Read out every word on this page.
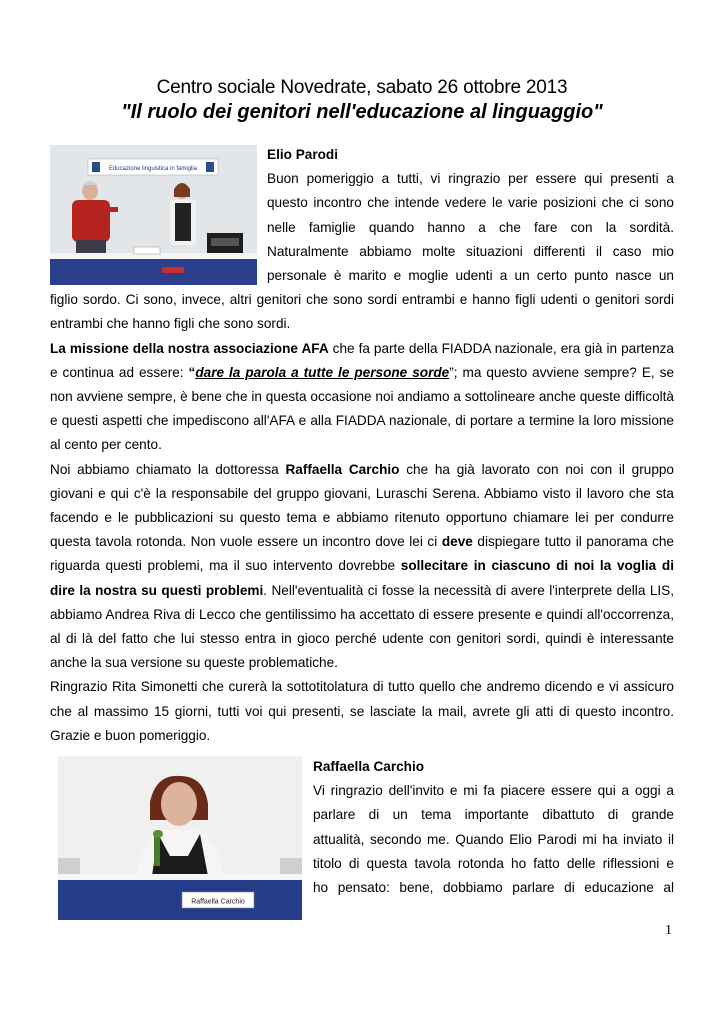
Centro sociale Novedrate, sabato 26 ottobre 2013
"Il ruolo dei genitori nell'educazione al linguaggio"
Educazione linguistica in famiglia
Elio Parodi
Buon pomeriggio a tutti, vi ringrazio per essere qui presenti a
questo incontro che intende vedere le varie posizioni che ci sono
nelle famiglie quando hanno a che fare con la sordità.
Naturalmente abbiamo molte situazioni differenti il caso mio
personale è marito e moglie udenti a un certo punto nasce un

figlio sordo. Ci sono, invece, altri genitori che sono sordi entrambi e hanno figli udenti o genitori sordi entrambi che hanno figli che sono sordi.

La missione della nostra associazione AFA che fa parte della FIADDA nazionale, era già in partenza e continua ad essere: “dare la parola a tutte le persone sorde”; ma questo avviene sempre? E, se non avviene sempre, è bene che in questa occasione noi andiamo a sottolineare anche queste difficoltà e questi aspetti che impediscono all'AFA e alla FIADDA nazionale, di portare a termine la loro missione al cento per cento.

Noi abbiamo chiamato la dottoressa Raffaella Carchio che ha già lavorato con noi con il gruppo giovani e qui c'è la responsabile del gruppo giovani, Luraschi Serena. Abbiamo visto il lavoro che sta facendo e le pubblicazioni su questo tema e abbiamo ritenuto opportuno chiamare lei per condurre questa tavola rotonda. Non vuole essere un incontro dove lei ci deve dispiegare tutto il panorama che riguarda questi problemi, ma il suo intervento dovrebbe sollecitare in ciascuno di noi la voglia di dire la nostra su questi problemi. Nell'eventualità ci fosse la necessità di avere l'interprete della LIS, abbiamo Andrea Riva di Lecco che gentilissimo ha accettato di essere presente e quindi all'occorrenza, al di là del fatto che lui stesso entra in gioco perché udente con genitori sordi, quindi è interessante anche la sua versione su queste problematiche.

Ringrazio Rita Simonetti che curerà la sottotitolatura di tutto quello che andremo dicendo e vi assicuro che al massimo 15 giorni, tutti voi qui presenti, se lasciate la mail, avrete gli atti di questo incontro. Grazie e buon pomeriggio.

Raffaella Carchio
Raffaella Carchio
Vi ringrazio dell'invito e mi fa piacere essere qui a oggi a
parlare di un tema importante dibattuto di grande
attualità, secondo me. Quando Elio Parodi mi ha inviato il
titolo di questa tavola rotonda ho fatto delle riflessioni e
ho pensato: bene, dobbiamo parlare di educazione al
1
